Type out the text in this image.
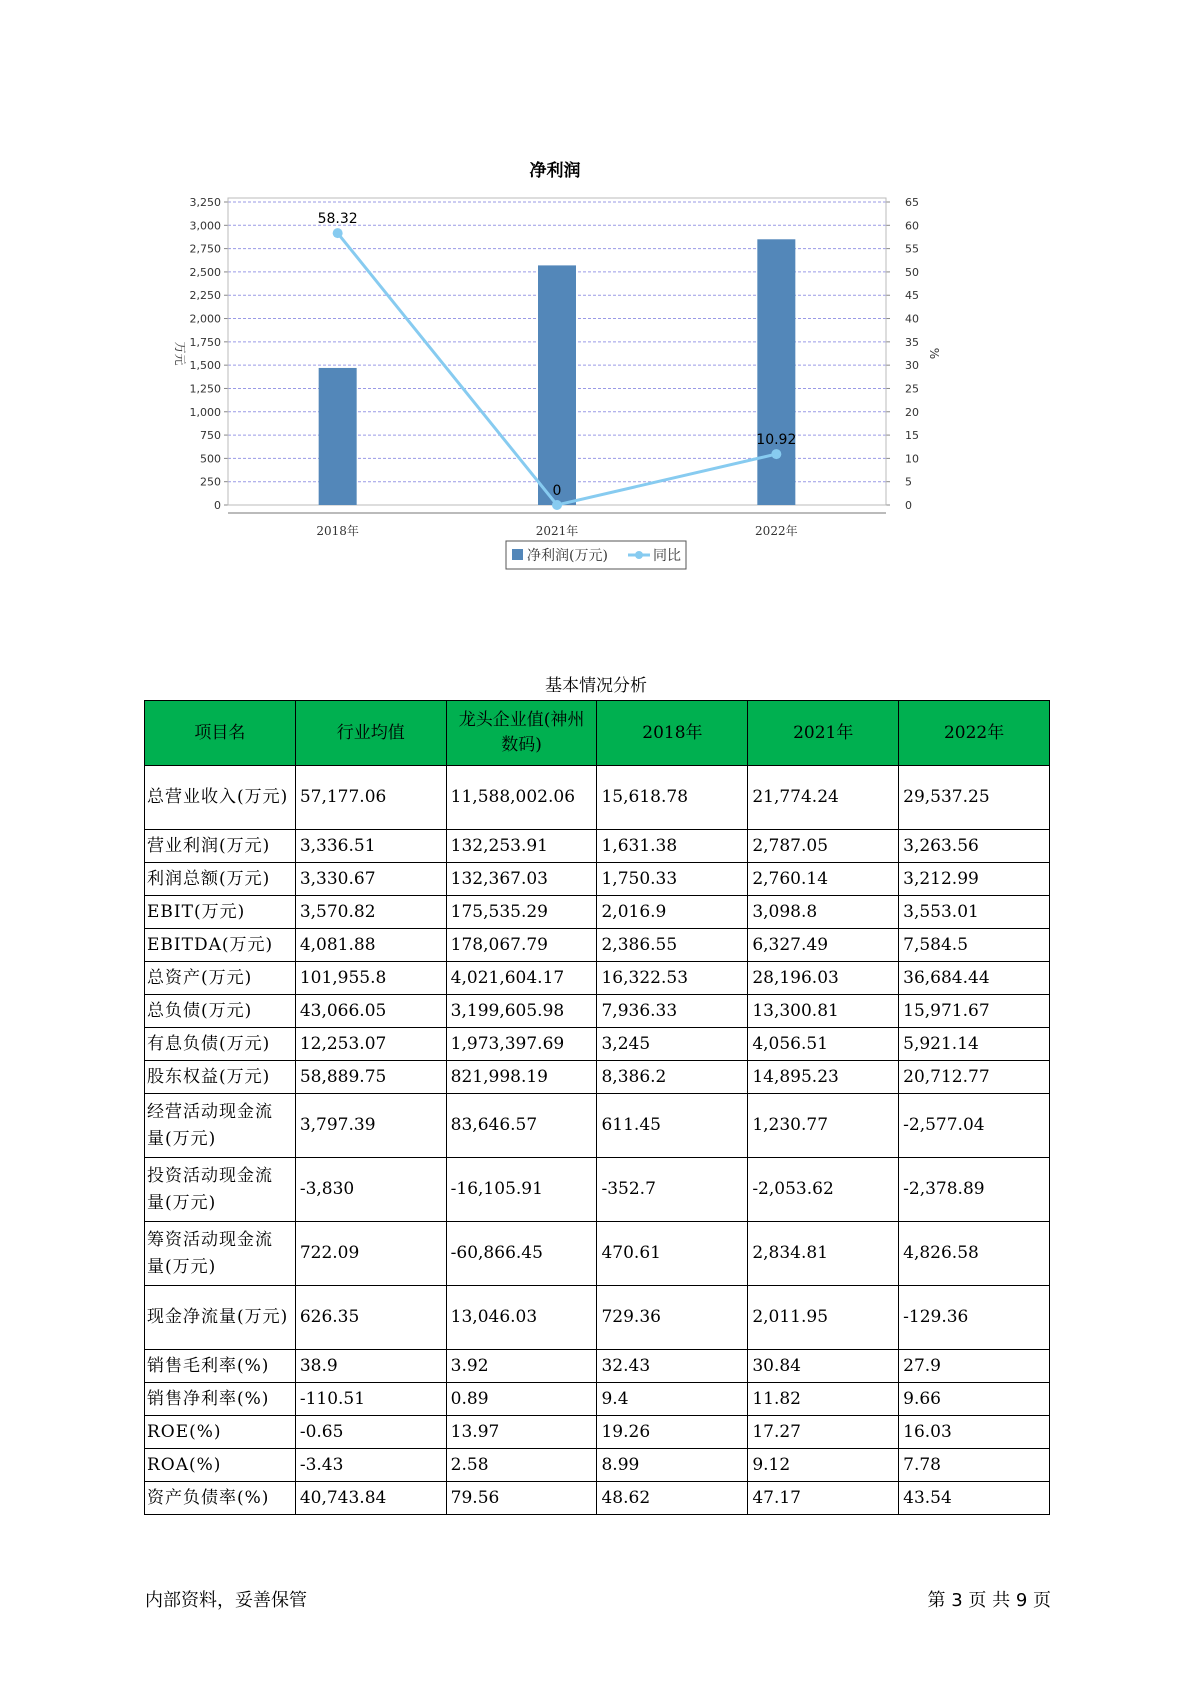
净利润
0
250
500
750
1,000
1,250
1,500
1,750
2,000
2,250
2,500
2,750
3,000
3,250
0
5
10
15
20
25
30
35
40
45
50
55
60
65
万元	%
2018年	2021年	2022年
58.32
0
10.92
净利润(万元)	同比
基本情况分析
项目名	行业均值	龙头企业值(神州数码)	2018年	2021年	2022年
总营业收入(万元)	57,177.06	11,588,002.06	15,618.78	21,774.24	29,537.25
营业利润(万元)	3,336.51	132,253.91	1,631.38	2,787.05	3,263.56
利润总额(万元)	3,330.67	132,367.03	1,750.33	2,760.14	3,212.99
EBIT(万元)	3,570.82	175,535.29	2,016.9	3,098.8	3,553.01
EBITDA(万元)	4,081.88	178,067.79	2,386.55	6,327.49	7,584.5
总资产(万元)	101,955.8	4,021,604.17	16,322.53	28,196.03	36,684.44
总负债(万元)	43,066.05	3,199,605.98	7,936.33	13,300.81	15,971.67
有息负债(万元)	12,253.07	1,973,397.69	3,245	4,056.51	5,921.14
股东权益(万元)	58,889.75	821,998.19	8,386.2	14,895.23	20,712.77
经营活动现金流量(万元)	3,797.39	83,646.57	611.45	1,230.77	-2,577.04
投资活动现金流量(万元)	-3,830	-16,105.91	-352.7	-2,053.62	-2,378.89
筹资活动现金流量(万元)	722.09	-60,866.45	470.61	2,834.81	4,826.58
现金净流量(万元)	626.35	13,046.03	729.36	2,011.95	-129.36
销售毛利率(%)	38.9	3.92	32.43	30.84	27.9
销售净利率(%)	-110.51	0.89	9.4	11.82	9.66
ROE(%)	-0.65	13.97	19.26	17.27	16.03
ROA(%)	-3.43	2.58	8.99	9.12	7.78
资产负债率(%)	40,743.84	79.56	48.62	47.17	43.54
内部资料，妥善保管	第 3 页 共 9 页
